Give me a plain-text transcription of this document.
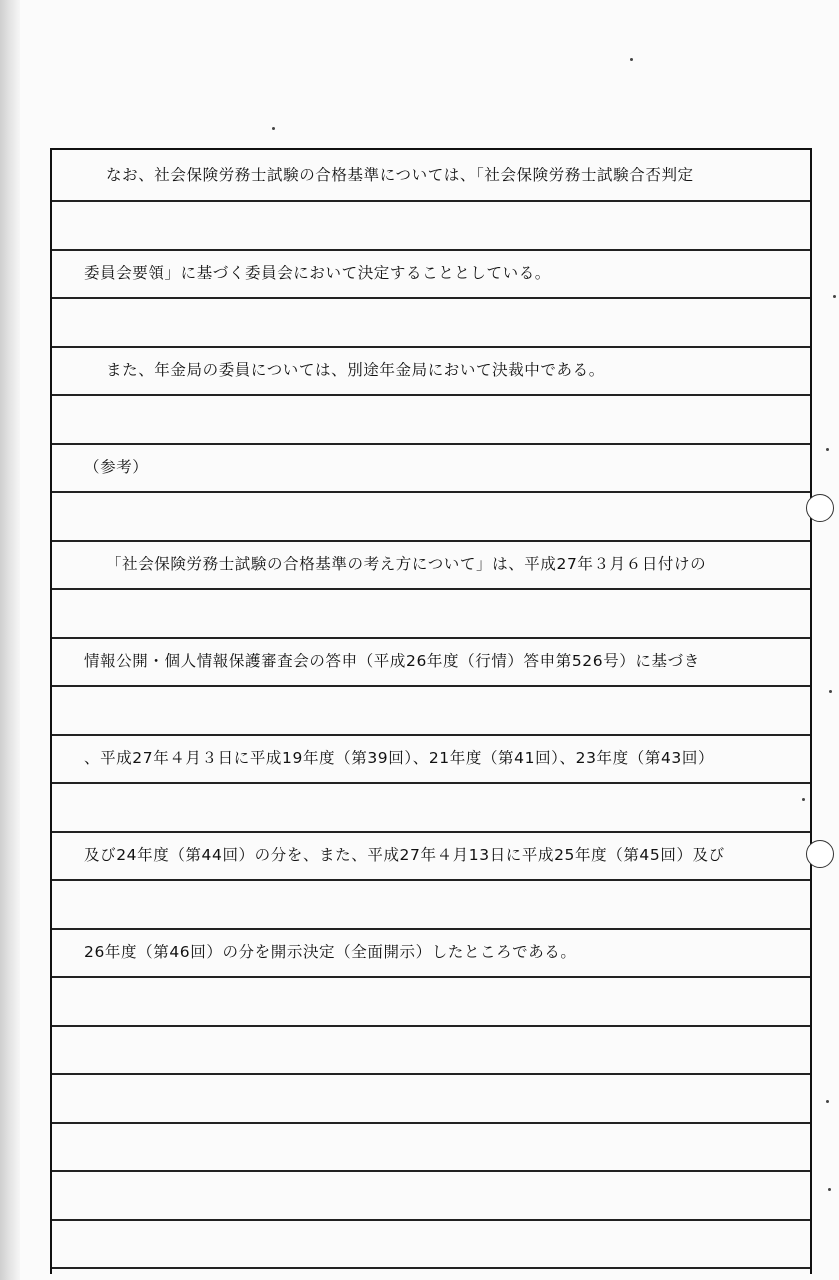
なお、社会保険労務士試験の合格基準については、「社会保険労務士試験合否判定
委員会要領」に基づく委員会において決定することとしている。
また、年金局の委員については、別途年金局において決裁中である。
（参考）
「社会保険労務士試験の合格基準の考え方について」は、平成27年３月６日付けの
情報公開・個人情報保護審査会の答申（平成26年度（行情）答申第526号）に基づき
、平成27年４月３日に平成19年度（第39回）、21年度（第41回）、23年度（第43回）
及び24年度（第44回）の分を、また、平成27年４月13日に平成25年度（第45回）及び
26年度（第46回）の分を開示決定（全面開示）したところである。
